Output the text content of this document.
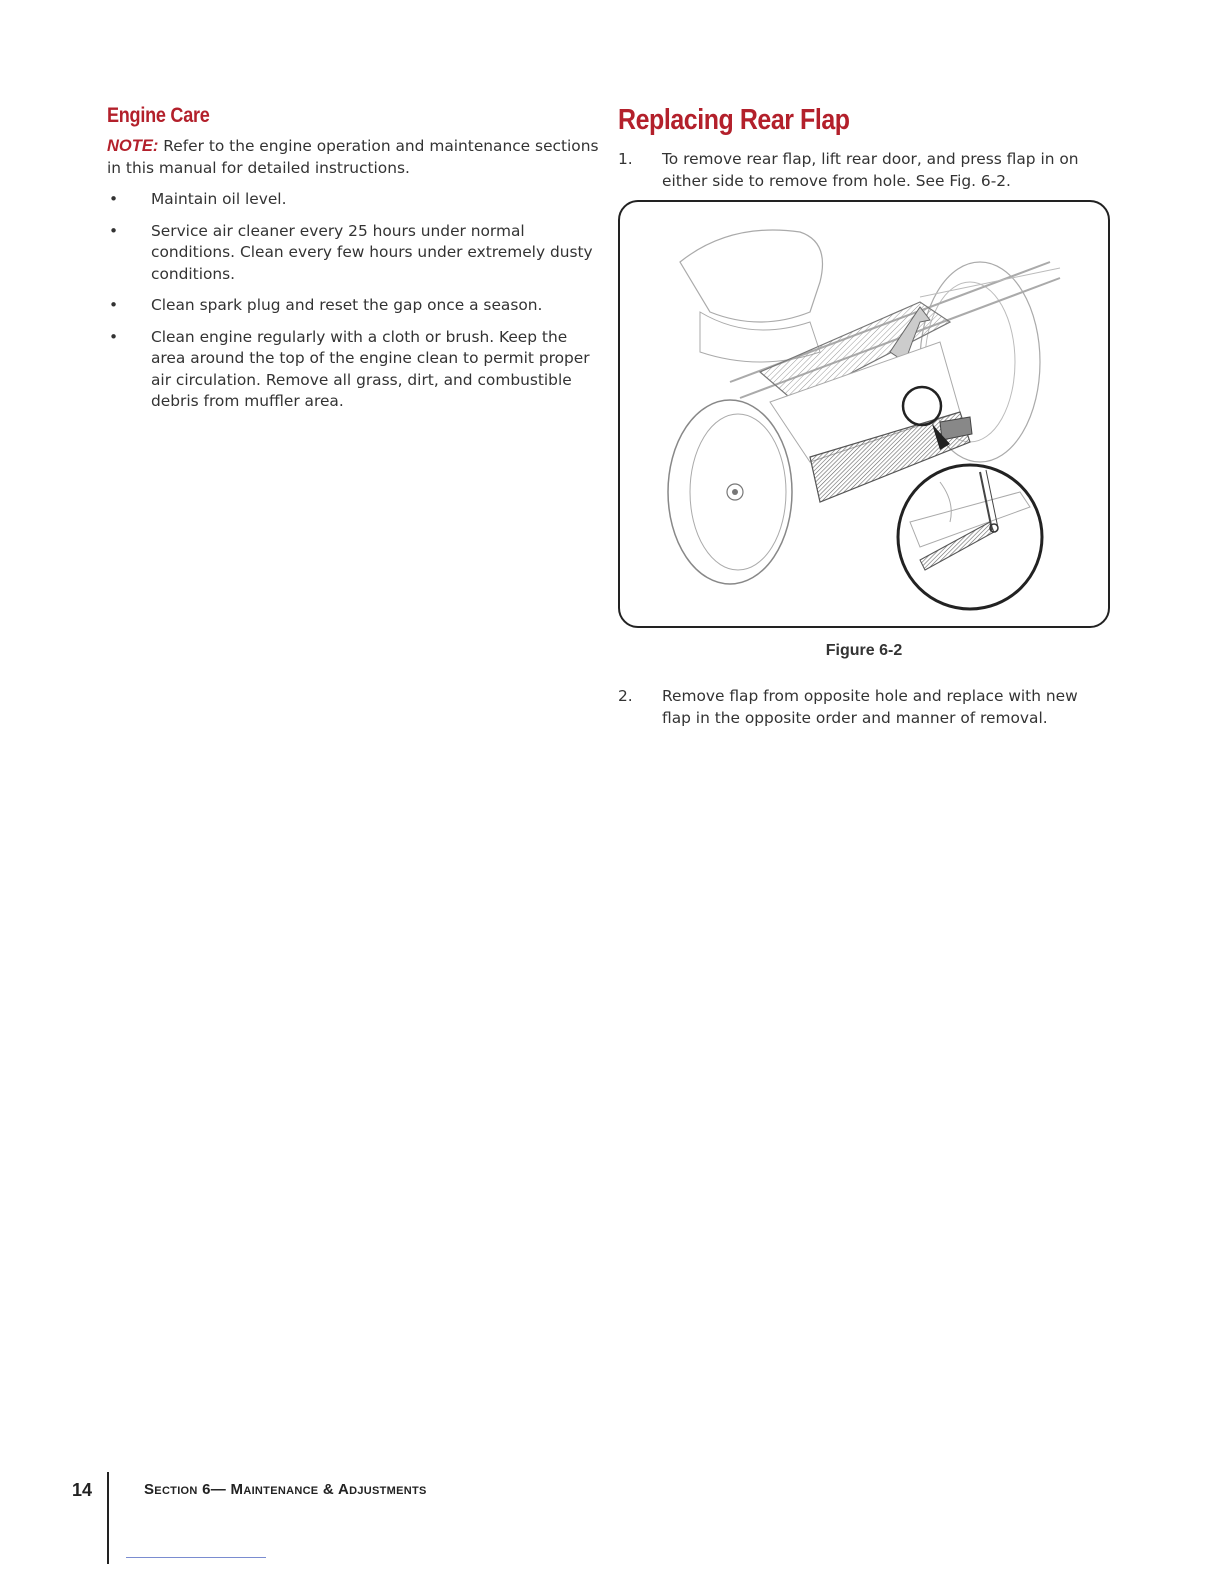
Engine Care
NOTE: Refer to the engine operation and maintenance sections in this manual for detailed instructions.
• Maintain oil level.
• Service air cleaner every 25 hours under normal conditions. Clean every few hours under extremely dusty conditions.
• Clean spark plug and reset the gap once a season.
• Clean engine regularly with a cloth or brush. Keep the area around the top of the engine clean to permit proper air circulation. Remove all grass, dirt, and combustible debris from muffler area.
Replacing Rear Flap
1. To remove rear flap, lift rear door, and press flap in on either side to remove from hole. See Fig. 6-2.
Figure 6-2
2. Remove flap from opposite hole and replace with new flap in the opposite order and manner of removal.
14	Section 6— Maintenance & Adjustments
